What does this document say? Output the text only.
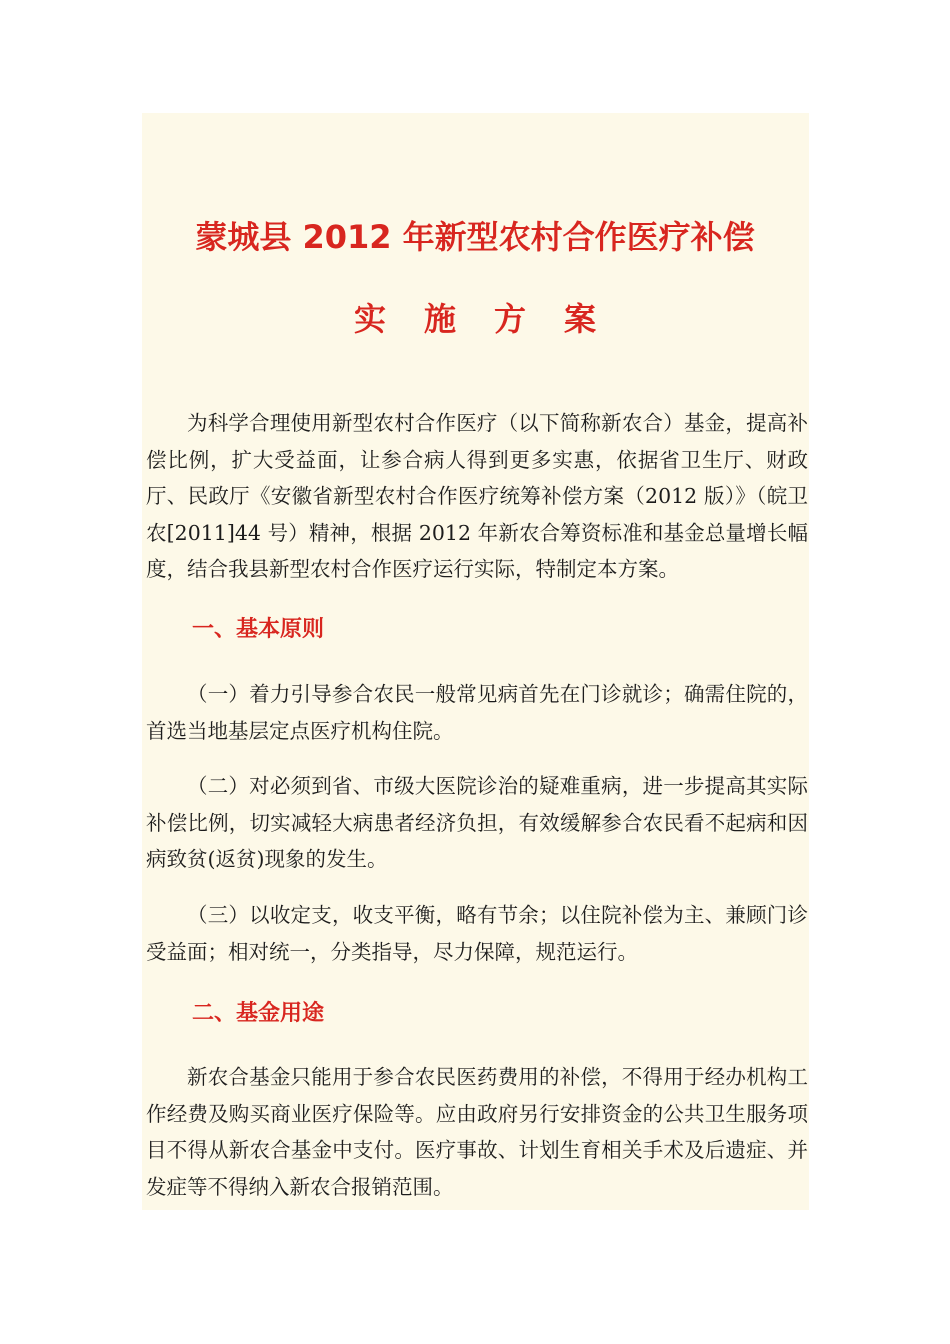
蒙城县 2012 年新型农村合作医疗补偿
实施方案

为科学合理使用新型农村合作医疗（以下简称新农合）基金，提高补偿比例，扩大受益面，让参合病人得到更多实惠，依据省卫生厅、财政厅、民政厅《安徽省新型农村合作医疗统筹补偿方案（2012 版）》（皖卫农[2011]44 号）精神，根据 2012 年新农合筹资标准和基金总量增长幅度，结合我县新型农村合作医疗运行实际，特制定本方案。

一、基本原则

（一）着力引导参合农民一般常见病首先在门诊就诊；确需住院的，首选当地基层定点医疗机构住院。

（二）对必须到省、市级大医院诊治的疑难重病，进一步提高其实际补偿比例，切实减轻大病患者经济负担，有效缓解参合农民看不起病和因病致贫(返贫)现象的发生。

（三）以收定支，收支平衡，略有节余；以住院补偿为主、兼顾门诊受益面；相对统一，分类指导，尽力保障，规范运行。

二、基金用途

新农合基金只能用于参合农民医药费用的补偿，不得用于经办机构工作经费及购买商业医疗保险等。应由政府另行安排资金的公共卫生服务项目不得从新农合基金中支付。医疗事故、计划生育相关手术及后遗症、并发症等不得纳入新农合报销范围。
